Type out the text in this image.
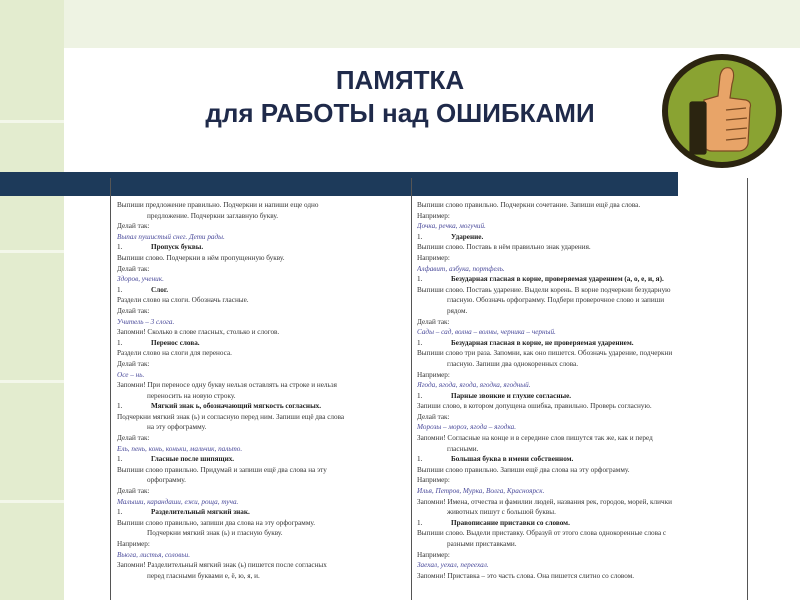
ПАМЯТКА
для РАБОТЫ над ОШИБКАМИ
Выпиши предложение правильно. Подчеркни и напиши еще одно
предложение. Подчеркни заглавную букву.
Делай так:
Выпал пушистый снег. Дети рады.
1.	Пропуск буквы.
Выпиши слово. Подчеркни в нём пропущенную букву.
Делай так:
Здоров, ученик.
1.	Слог.
Раздели слово на слоги. Обозначь гласные.
Делай так:
Учитель – 3 слога.
Запомни! Сколько в слове гласных, столько и слогов.
1.	Перенос слова.
Раздели слово на слоги для переноса.
Делай так:
Осе – нь.
Запомни! При переносе одну букву нельзя оставлять на строке и нельзя
переносить на новую строку.
1.	Мягкий знак ь, обозначающий мягкость согласных.
Подчеркни мягкий знак (ь) и согласную перед ним. Запиши ещё два слова
на эту орфограмму.
Делай так:
Ель, пень, конь, коньки, мальчик, пальто.
1.	Гласные после шипящих.
Выпиши слово правильно. Придумай и запиши ещё два слова на эту
орфограмму.
Делай так:
Малыши, карандаши, ежи, роща, туча.
1.	Разделительный мягкий знак.
Выпиши слово правильно, запиши два слова на эту орфограмму.
Подчеркни мягкий знак (ь) и гласную букву.
Например:
Вьюга, листья, соловьи.
Запомни! Разделительный мягкий знак (ь) пишется после согласных
перед гласными буквами е, ё, ю, я, и.
Выпиши слово правильно. Подчеркни сочетание. Запиши ещё два слова.
Например:
Дочка, речка, могучий.
1.	Ударение.
Выпиши слово. Поставь в нём правильно знак ударения.
Например:
Алфавит, азбука, портфель.
1.	Безударная гласная в корне, проверяемая ударением (а, о, е, и, я).
Выпиши слово. Поставь ударение. Выдели корень. В корне подчеркни безударную
гласную. Обозначь орфограмму. Подбери проверочное слово и запиши
рядом.
Делай так:
Сады – сад, волна – волны, черника – черный.
1.	Безударная гласная в корне, не проверяемая ударением.
Выпиши слово три раза. Запомни, как оно пишется. Обозначь ударение, подчеркни
гласную. Запиши два однокоренных слова.
Например:
Ягода, ягода, ягода, ягодка, ягодный.
1.	Парные звонкие и глухие согласные.
Запиши слово, в котором допущена ошибка, правильно. Проверь согласную.
Делай так:
Морозы – мороз, ягода – ягодка.
Запомни! Согласные на конце и в середине слов пишутся так же, как и перед
гласными.
1.	Большая буква в имени собственном.
Выпиши слово правильно. Запиши ещё два слова на эту орфограмму.
Например:
Илья, Петров, Мурка, Волга, Красноярск.
Запомни! Имена, отчества и фамилии людей, названия рек, городов, морей, клички
животных пишут с большой буквы.
1.	Правописание приставки со словом.
Выпиши слово. Выдели приставку. Образуй от этого слова однокоренные слова с
разными приставками.
Например:
Заехал, уехал, переехал.
Запомни! Приставка – это часть слова. Она пишется слитно со словом.
